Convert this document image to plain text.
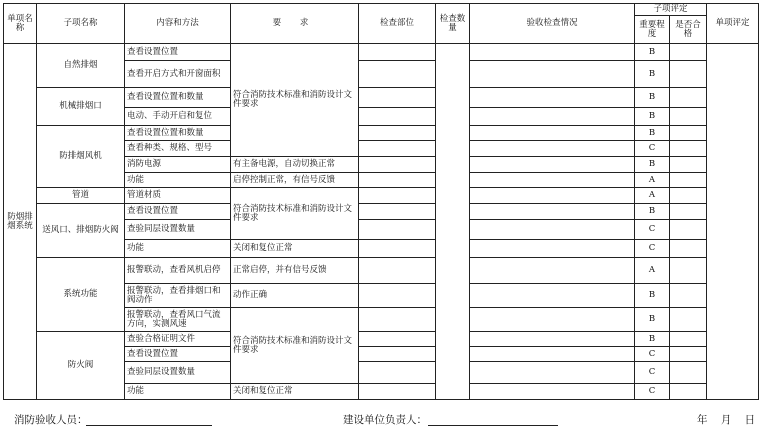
单项名称	子项名称	内容和方法	要 求	检查部位	检查数量	验收检查情况	子项评定		单项评定
							重要程度	是否合格	
防烟排烟系统	自然排烟	查看设置位置	符合消防技术标准和消防设计文件要求				B		
		查看开启方式和开窗面积					B		
	机械排烟口	查看设置位置和数量					B		
		电动、手动开启和复位					B		
	防排烟风机	查看设置位置和数量					B		
		查看种类、规格、型号					C		
		消防电源	有主备电源，自动切换正常				B		
		功能	启停控制正常，有信号反馈				A		
	管道	管道材质	符合消防技术标准和消防设计文件要求				A		
	送风口、排烟防火阀	查看设置位置					B		
		查验同层设置数量					C		
		功能	关闭和复位正常				C		
	系统功能	报警联动，查看风机启停	正常启停，并有信号反馈				A		
		报警联动，查看排烟口和阀动作	动作正确				B		
		报警联动，查看风口气流方向，实测风速	符合消防技术标准和消防设计文件要求				B		
	防火阀	查验合格证明文件					B		
		查看设置位置					C		
		查验同层设置数量					C		
		功能	关闭和复位正常				C		
消防验收人员：	建设单位负责人：	年 月 日
